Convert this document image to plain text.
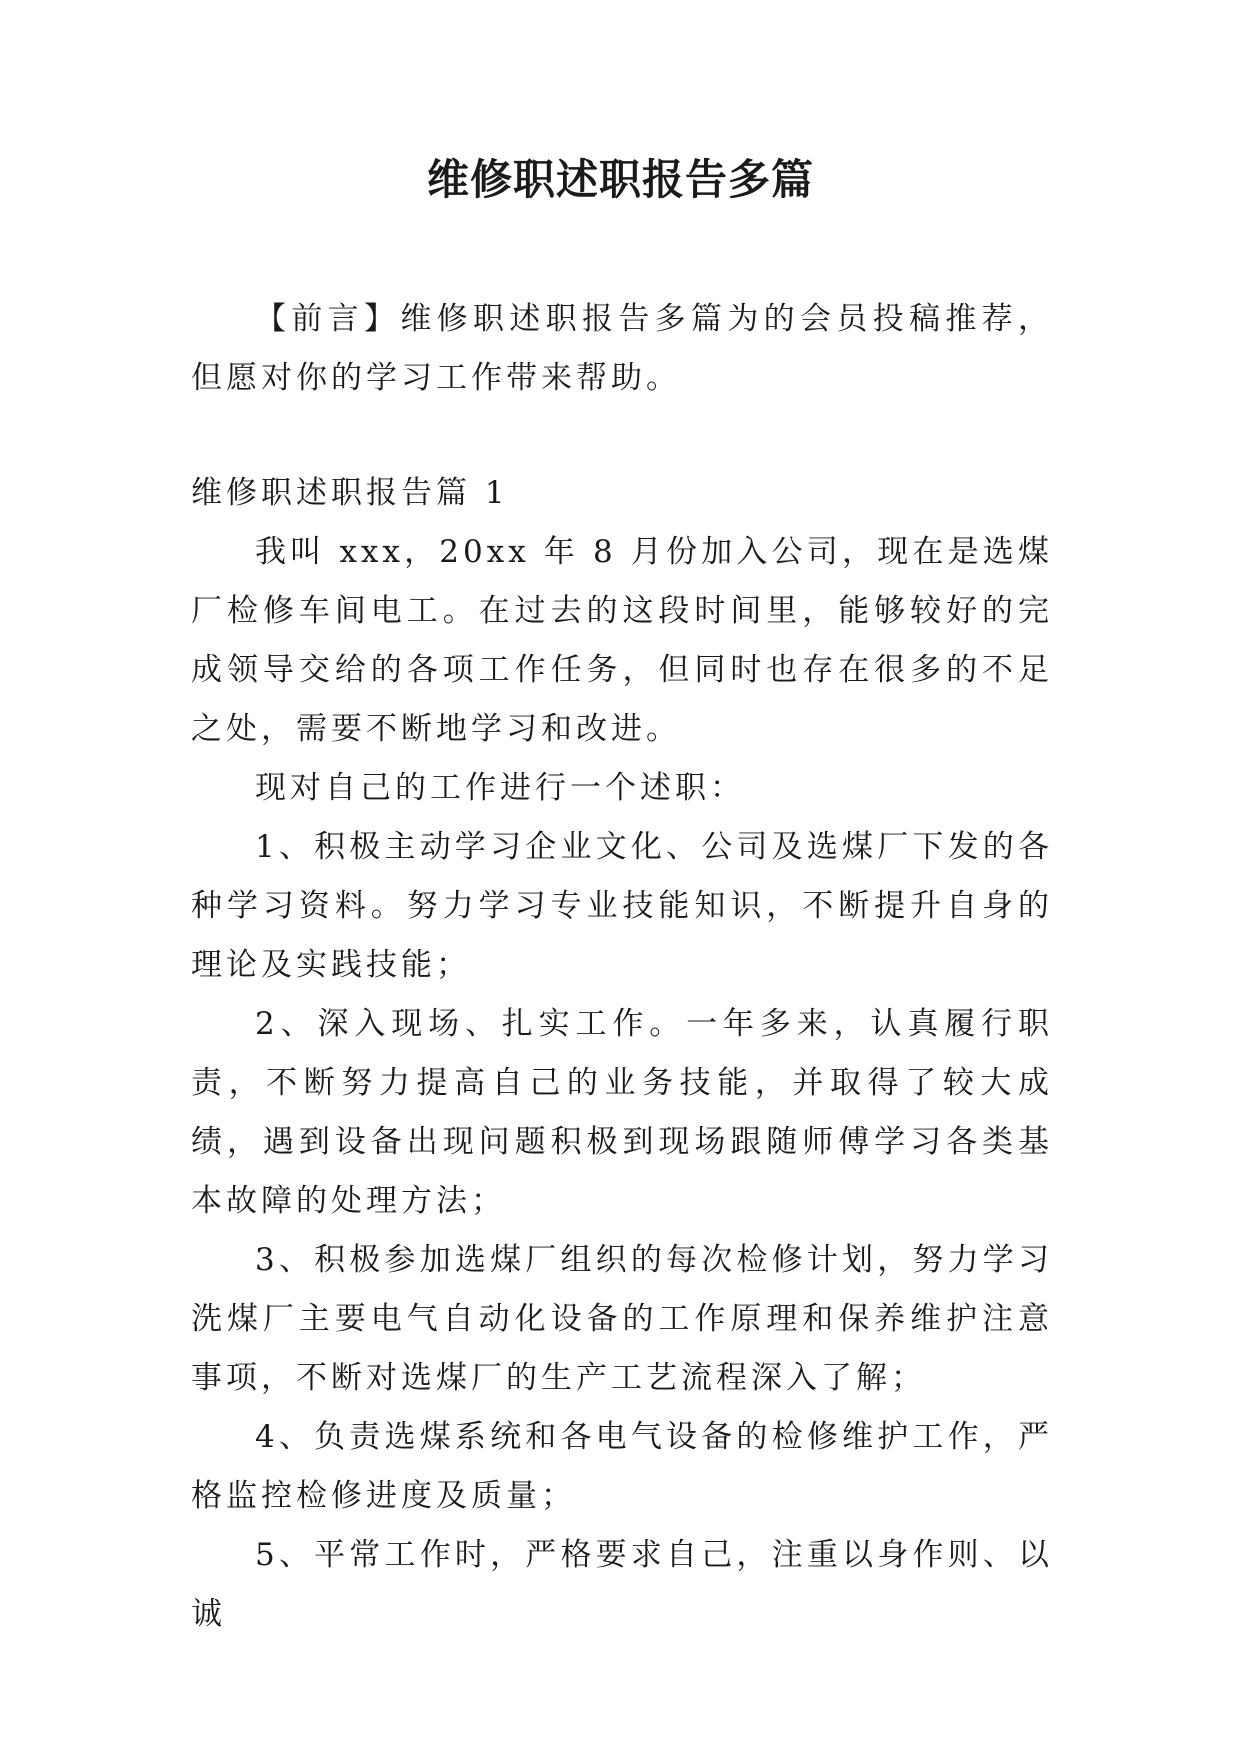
维修职述职报告多篇

【前言】维修职述职报告多篇为的会员投稿推荐，但愿对你的学习工作带来帮助。

维修职述职报告篇 1

我叫 xxx，20xx 年 8 月份加入公司，现在是选煤厂检修车间电工。在过去的这段时间里，能够较好的完成领导交给的各项工作任务，但同时也存在很多的不足之处，需要不断地学习和改进。

现对自己的工作进行一个述职：

1、积极主动学习企业文化、公司及选煤厂下发的各种学习资料。努力学习专业技能知识，不断提升自身的理论及实践技能；

2、深入现场、扎实工作。一年多来，认真履行职责，不断努力提高自己的业务技能，并取得了较大成绩，遇到设备出现问题积极到现场跟随师傅学习各类基本故障的处理方法；

3、积极参加选煤厂组织的每次检修计划，努力学习洗煤厂主要电气自动化设备的工作原理和保养维护注意事项，不断对选煤厂的生产工艺流程深入了解；

4、负责选煤系统和各电气设备的检修维护工作，严格监控检修进度及质量；

5、平常工作时，严格要求自己，注重以身作则、以诚
